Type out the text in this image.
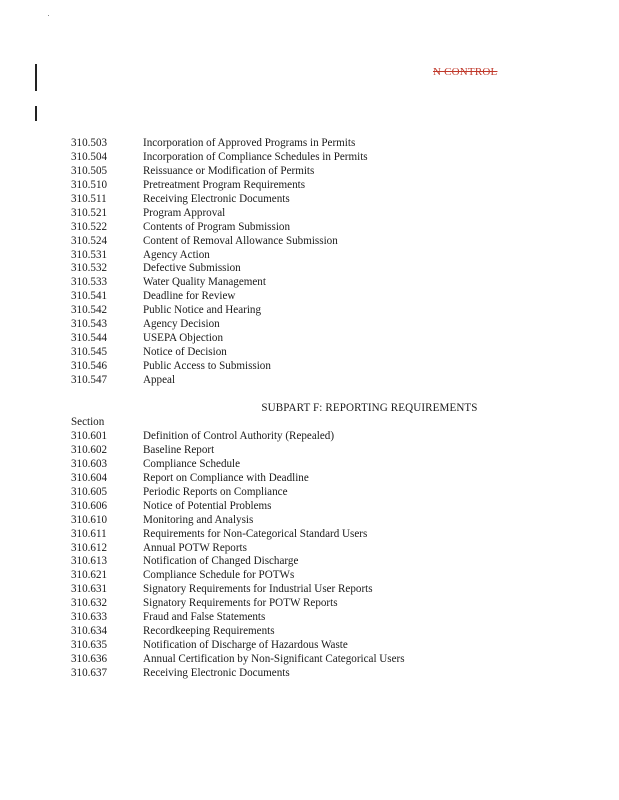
N CONTROL
310.503	Incorporation of Approved Programs in Permits
310.504	Incorporation of Compliance Schedules in Permits
310.505	Reissuance or Modification of Permits
310.510	Pretreatment Program Requirements
310.511	Receiving Electronic Documents
310.521	Program Approval
310.522	Contents of Program Submission
310.524	Content of Removal Allowance Submission
310.531	Agency Action
310.532	Defective Submission
310.533	Water Quality Management
310.541	Deadline for Review
310.542	Public Notice and Hearing
310.543	Agency Decision
310.544	USEPA Objection
310.545	Notice of Decision
310.546	Public Access to Submission
310.547	Appeal
SUBPART F: REPORTING REQUIREMENTS
Section
310.601	Definition of Control Authority (Repealed)
310.602	Baseline Report
310.603	Compliance Schedule
310.604	Report on Compliance with Deadline
310.605	Periodic Reports on Compliance
310.606	Notice of Potential Problems
310.610	Monitoring and Analysis
310.611	Requirements for Non-Categorical Standard Users
310.612	Annual POTW Reports
310.613	Notification of Changed Discharge
310.621	Compliance Schedule for POTWs
310.631	Signatory Requirements for Industrial User Reports
310.632	Signatory Requirements for POTW Reports
310.633	Fraud and False Statements
310.634	Recordkeeping Requirements
310.635	Notification of Discharge of Hazardous Waste
310.636	Annual Certification by Non-Significant Categorical Users
310.637	Receiving Electronic Documents
